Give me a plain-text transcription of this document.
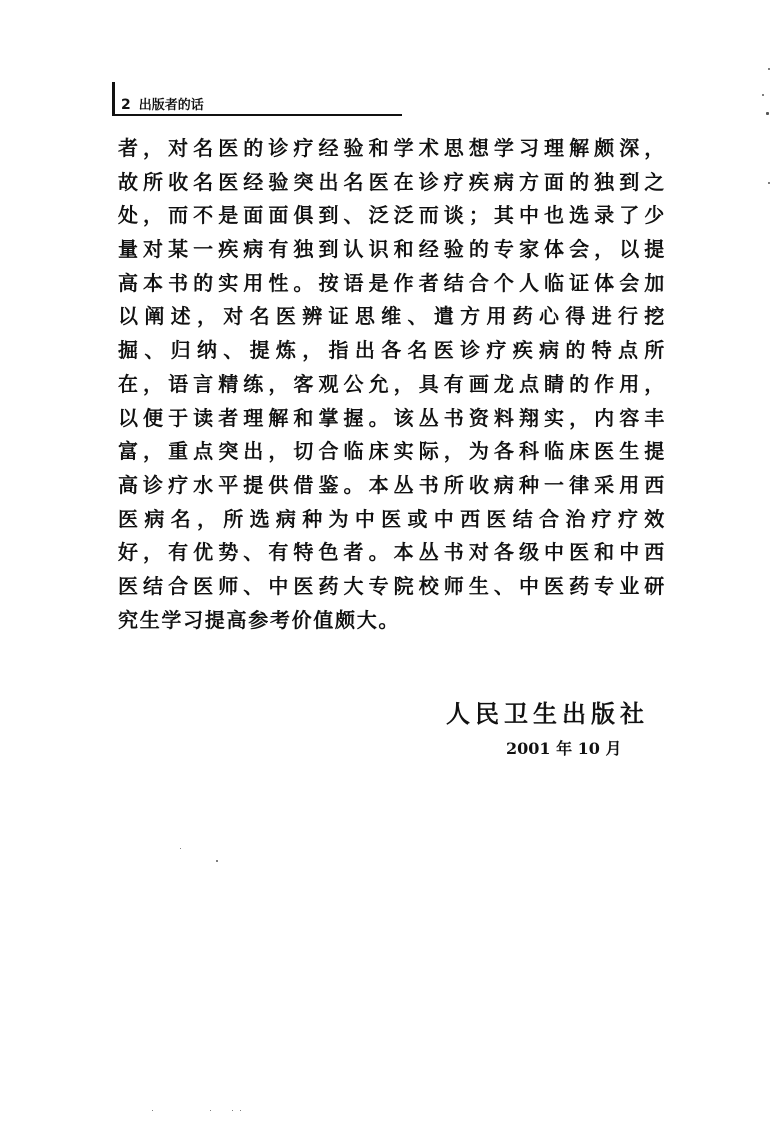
2 出版者的话
者，对名医的诊疗经验和学术思想学习理解颇深，
故所收名医经验突出名医在诊疗疾病方面的独到之
处，而不是面面俱到、泛泛而谈；其中也选录了少
量对某一疾病有独到认识和经验的专家体会，以提
高本书的实用性。按语是作者结合个人临证体会加
以阐述，对名医辨证思维、遣方用药心得进行挖
掘、归纳、提炼，指出各名医诊疗疾病的特点所
在，语言精练，客观公允，具有画龙点睛的作用，
以便于读者理解和掌握。该丛书资料翔实，内容丰
富，重点突出，切合临床实际，为各科临床医生提
高诊疗水平提供借鉴。本丛书所收病种一律采用西
医病名，所选病种为中医或中西医结合治疗疗效
好，有优势、有特色者。本丛书对各级中医和中西
医结合医师、中医药大专院校师生、中医药专业研
究生学习提高参考价值颇大。
人民卫生出版社
2001 年 10 月
